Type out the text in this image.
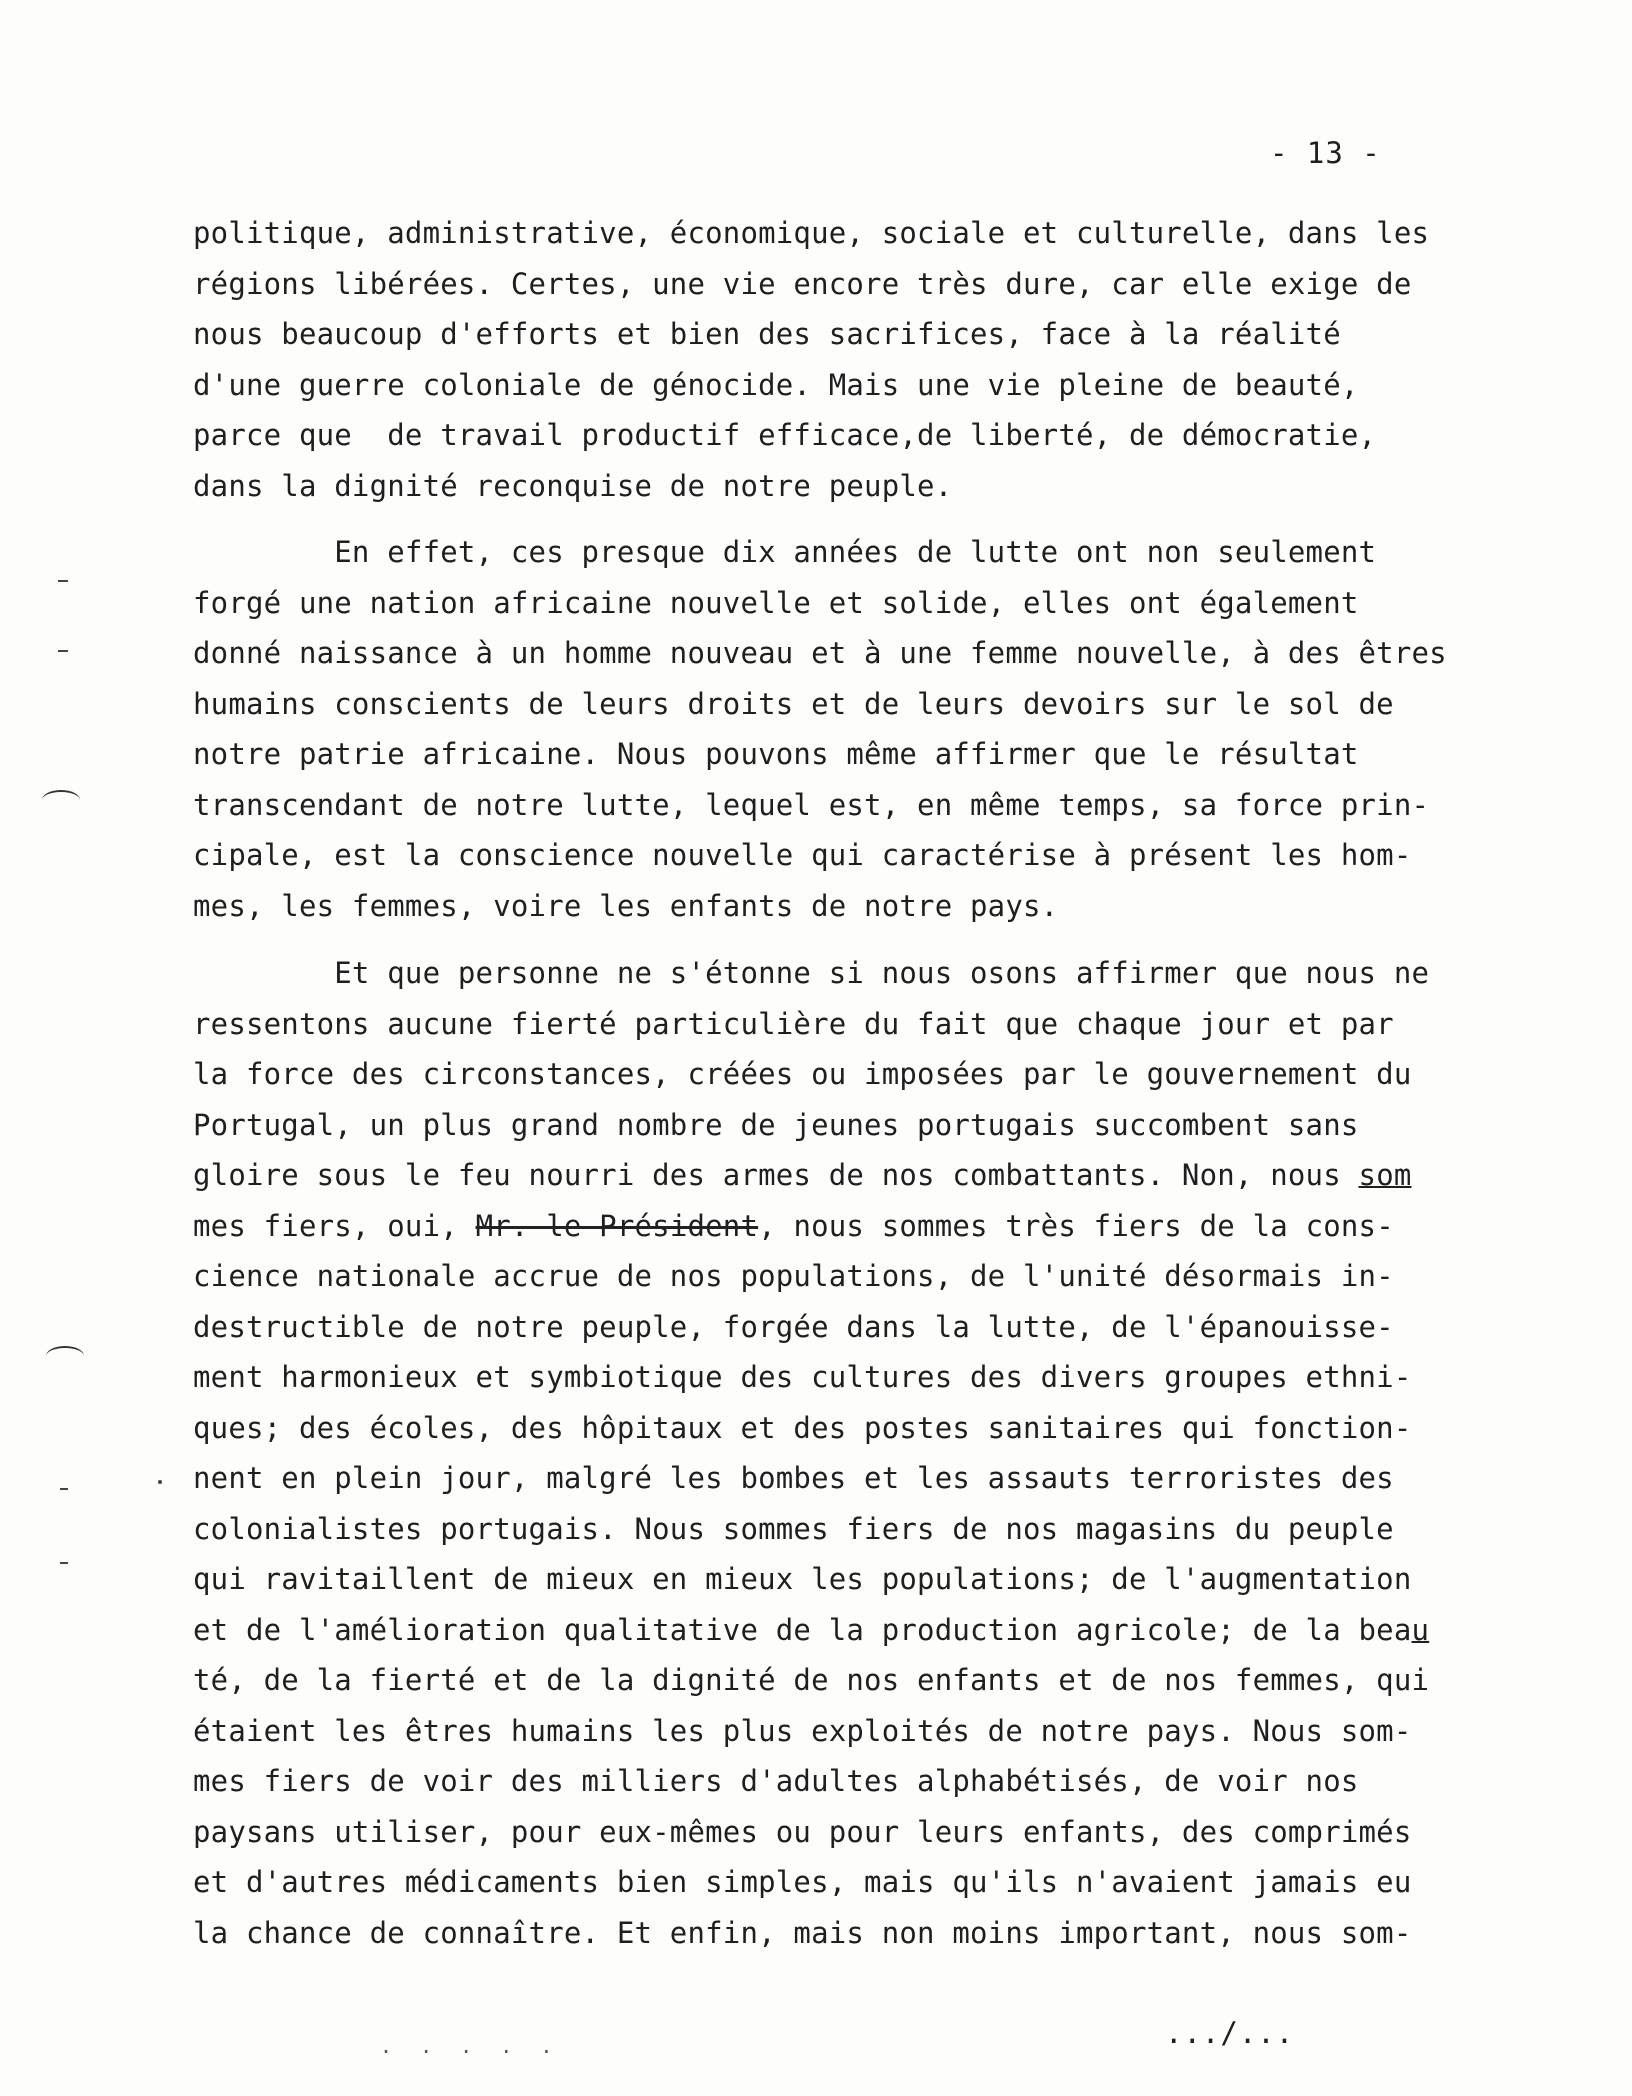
- 13 -
politique, administrative, économique, sociale et culturelle, dans les
régions libérées. Certes, une vie encore très dure, car elle exige de
nous beaucoup d'efforts et bien des sacrifices, face à la réalité
d'une guerre coloniale de génocide. Mais une vie pleine de beauté,
parce que  de travail productif efficace,de liberté, de démocratie,
dans la dignité reconquise de notre peuple.
En effet, ces presque dix années de lutte ont non seulement
forgé une nation africaine nouvelle et solide, elles ont également
donné naissance à un homme nouveau et à une femme nouvelle, à des êtres
humains conscients de leurs droits et de leurs devoirs sur le sol de
notre patrie africaine. Nous pouvons même affirmer que le résultat
transcendant de notre lutte, lequel est, en même temps, sa force prin-
cipale, est la conscience nouvelle qui caractérise à présent les hom-
mes, les femmes, voire les enfants de notre pays.
Et que personne ne s'étonne si nous osons affirmer que nous ne
ressentons aucune fierté particulière du fait que chaque jour et par
la force des circonstances, créées ou imposées par le gouvernement du
Portugal, un plus grand nombre de jeunes portugais succombent sans
gloire sous le feu nourri des armes de nos combattants. Non, nous som
mes fiers, oui, Mr. le Président, nous sommes très fiers de la cons-
cience nationale accrue de nos populations, de l'unité désormais in-
destructible de notre peuple, forgée dans la lutte, de l'épanouisse-
ment harmonieux et symbiotique des cultures des divers groupes ethni-
ques; des écoles, des hôpitaux et des postes sanitaires qui fonction-
nent en plein jour, malgré les bombes et les assauts terroristes des
colonialistes portugais. Nous sommes fiers de nos magasins du peuple
qui ravitaillent de mieux en mieux les populations; de l'augmentation
et de l'amélioration qualitative de la production agricole; de la beau
té, de la fierté et de la dignité de nos enfants et de nos femmes, qui
étaient les êtres humains les plus exploités de notre pays. Nous som-
mes fiers de voir des milliers d'adultes alphabétisés, de voir nos
paysans utiliser, pour eux-mêmes ou pour leurs enfants, des comprimés
et d'autres médicaments bien simples, mais qu'ils n'avaient jamais eu
la chance de connaître. Et enfin, mais non moins important, nous som-
. . . . .	.../...
